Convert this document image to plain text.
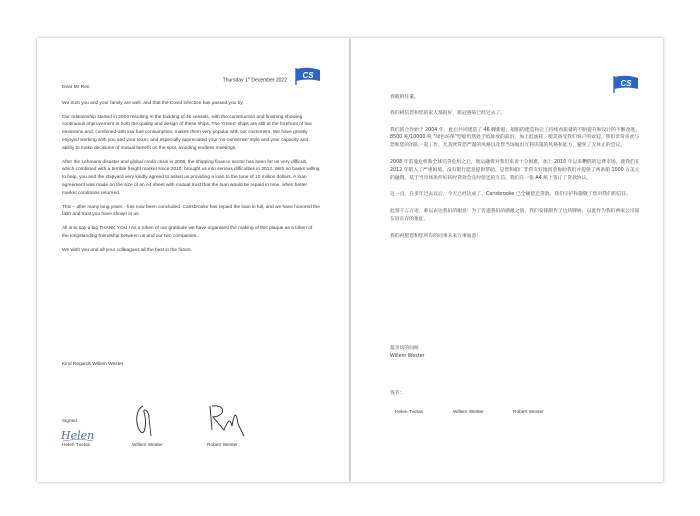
CS
Thursday 1st December 2022

Dear Mr Ren,

We trust you and your family are well, and that the Covid infection has passed you by.

Our relationship started in 2004 resulting in the building of 46 vessels, with the construction and finishing showing continuous improvement in both the quality and design of these ships. The 'Green' ships are still at the forefront of low emissions and, combined with low fuel consumption, makes them very popular with our customers. We have greatly enjoyed working with you and your team, and especially appreciated your 'no-nonsense' style and your capacity and ability to make decisions of mutual benefit on the spot, avoiding endless meetings.

After the Lehmans disaster and global credit crisis in 2008, the shipping finance sector has been for us very difficult, which combined with a terrible freight market since 2010, brought us into serious difficulties in 2012. With no banks willing to help, you and the shipyard very kindly agreed to assist us providing a loan to the tune of 10 million dollars. A loan agreement was made on the size of an A4 sheet with mutual trust that the loan would be repaid in time, when better market conditions returned.

This – after many long years - has now been concluded. Carisbrooke has repaid the loan in full, and we have honored the faith and trust you have shown in us.

All is to say a big THANK YOU ! As a token of our gratitude we have organised the making of this plaque as a token of the longstanding friendship between us and our two companies.

We wish you and all your colleagues all the best in the future.

Kind Regards Willem Wester
Signed
Helen
Helen Tvetan	Willem Wester	Robert Wester
CS

春敬的任董，

我们相信您和您的家人都很好，新冠感染已经过去了。

我们的合作始于 2004 年，此后共同建造了 46 艘新船，船舶的建造和完工持续看质量的不断提升和设计的不断改进。8500 吨/10000 吨 "绿色环保"型船仍然处于低排放的前沿，加上低油耗，使其备受我们客户的欢迎。我们非常喜欢与您和您的团队一起工作，尤其欣赏您严谨的风格以及您当场做出互利决策的风格和能力，避免了无休止的会议。

2008 年雷曼危机和全球信贷危机之后，航运融资对我们来说十分困难，加上 2010 年以来糟糕的运费市场，使我们在 2012 年陷入了严重困境。没有银行愿意提供帮助，是您和船厂非常友好地同意协助我们并提供了两条船 1000 万美元的融资。基于当市场条件好转时贷款会及时偿还的互信，我们在一张 A4 纸上签订了贷款协议。

这一点，在多年过去以后，今天已经达成了。Carisbrooke 已全额偿还贷款，我们守护和敬敬了您对我们的信任。

此刻千言万语，难以表达我们的谢意！为了传递我们的感激之情，我们安排制作了这块牌匾，以此作为我们两家公司间友谊长存的象征。

我们祝愿您和您所有的同事未来万事如意！

最亲切的问候
Willem Wester
签名：
Helen Tvetan	Willem Wester	Robert Wester
